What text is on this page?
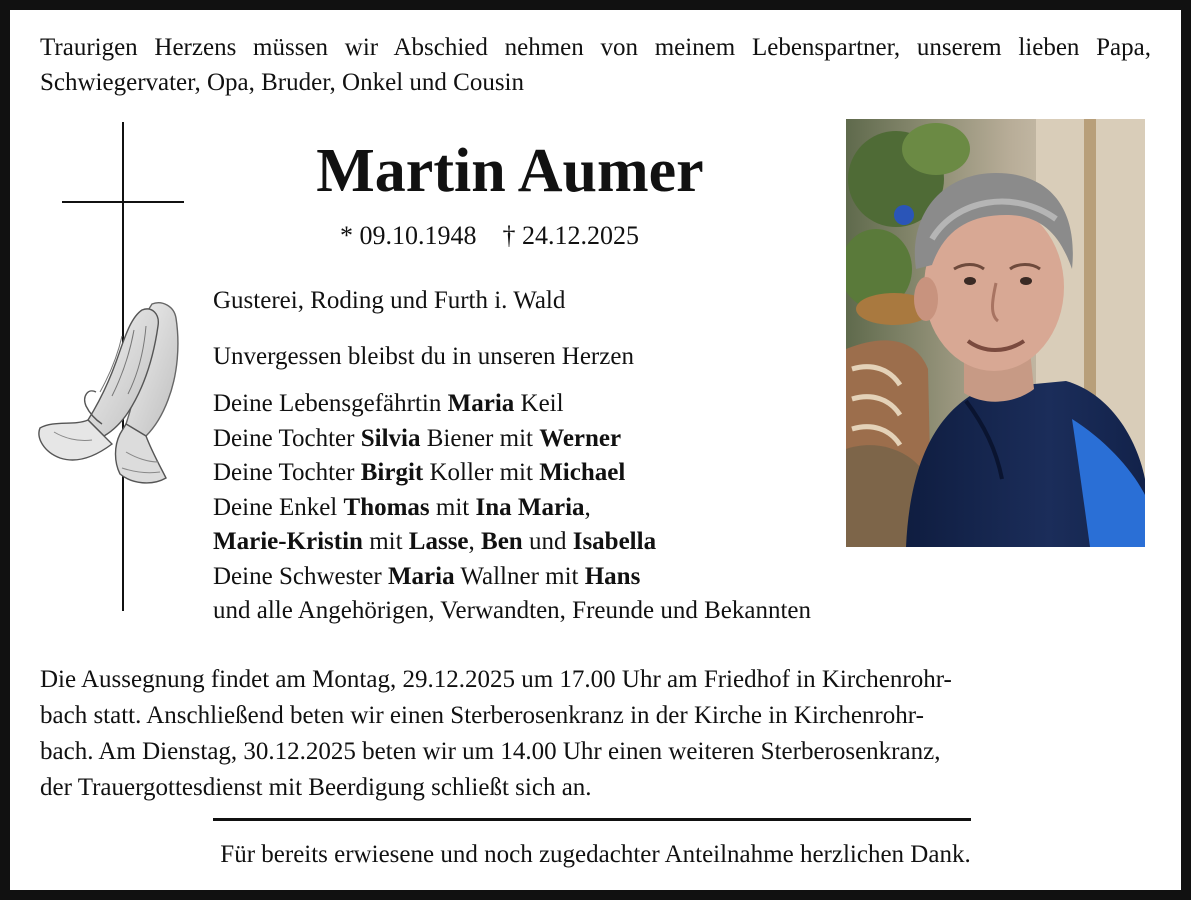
Traurigen Herzens müssen wir Abschied nehmen von meinem Lebenspartner, unserem lieben Papa, Schwiegervater, Opa, Bruder, Onkel und Cousin

Martin Aumer
* 09.10.1948 † 24.12.2025
Gusterei, Roding und Furth i. Wald
Unvergessen bleibst du in unseren Herzen
Deine Lebensgefährtin Maria Keil
Deine Tochter Silvia Biener mit Werner
Deine Tochter Birgit Koller mit Michael
Deine Enkel Thomas mit Ina Maria,
Marie-Kristin mit Lasse, Ben und Isabella
Deine Schwester Maria Wallner mit Hans
und alle Angehörigen, Verwandten, Freunde und Bekannten
Die Aussegnung findet am Montag, 29.12.2025 um 17.00 Uhr am Friedhof in Kirchenrohr-
bach statt. Anschließend beten wir einen Sterberosenkranz in der Kirche in Kirchenrohr-
bach. Am Dienstag, 30.12.2025 beten wir um 14.00 Uhr einen weiteren Sterberosenkranz,
der Trauergottesdienst mit Beerdigung schließt sich an.
Für bereits erwiesene und noch zugedachter Anteilnahme herzlichen Dank.
